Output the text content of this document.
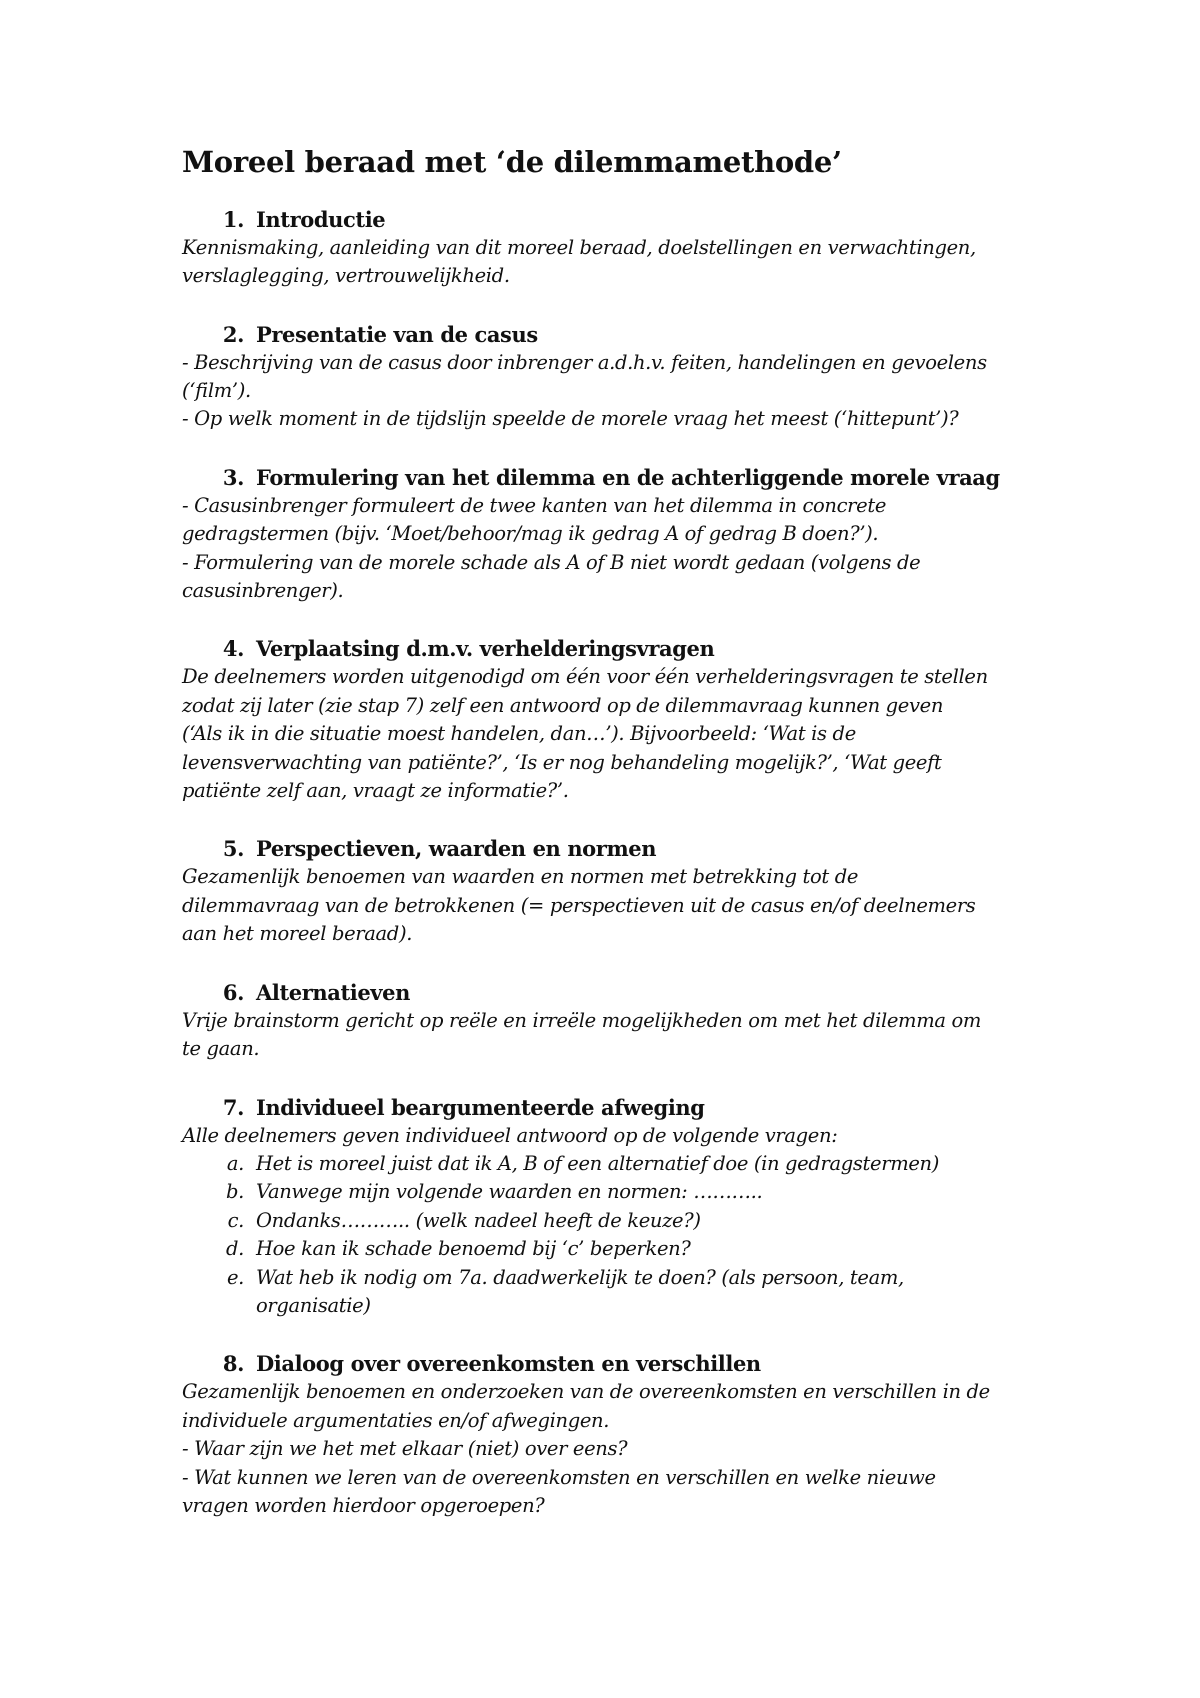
Moreel beraad met ‘de dilemmamethode’
1. Introductie

Kennismaking, aanleiding van dit moreel beraad, doelstellingen en verwachtingen,
verslaglegging, vertrouwelijkheid.

2. Presentatie van de casus

- Beschrijving van de casus door inbrenger a.d.h.v. feiten, handelingen en gevoelens
(‘film’).
- Op welk moment in de tijdslijn speelde de morele vraag het meest (‘hittepunt’)?

3. Formulering van het dilemma en de achterliggende morele vraag

- Casusinbrenger formuleert de twee kanten van het dilemma in concrete
gedragstermen (bijv. ‘Moet/behoor/mag ik gedrag A of gedrag B doen?’).
- Formulering van de morele schade als A of B niet wordt gedaan (volgens de
casusinbrenger).

4. Verplaatsing d.m.v. verhelderingsvragen

De deelnemers worden uitgenodigd om één voor één verhelderingsvragen te stellen
zodat zij later (zie stap 7) zelf een antwoord op de dilemmavraag kunnen geven
(‘Als ik in die situatie moest handelen, dan…’). Bijvoorbeeld: ‘Wat is de
levensverwachting van patiënte?’, ‘Is er nog behandeling mogelijk?’, ‘Wat geeft
patiënte zelf aan, vraagt ze informatie?’.

5. Perspectieven, waarden en normen

Gezamenlijk benoemen van waarden en normen met betrekking tot de
dilemmavraag van de betrokkenen (= perspectieven uit de casus en/of deelnemers
aan het moreel beraad).

6. Alternatieven

Vrije brainstorm gericht op reële en irreële mogelijkheden om met het dilemma om
te gaan.

7. Individueel beargumenteerde afweging

Alle deelnemers geven individueel antwoord op de volgende vragen:

a. Het is moreel juist dat ik A, B of een alternatief doe (in gedragstermen)
b. Vanwege mijn volgende waarden en normen: ………..
c. Ondanks……….. (welk nadeel heeft de keuze?)
d. Hoe kan ik schade benoemd bij ‘c’ beperken?
e. Wat heb ik nodig om 7a. daadwerkelijk te doen? (als persoon, team,
organisatie)
8. Dialoog over overeenkomsten en verschillen

Gezamenlijk benoemen en onderzoeken van de overeenkomsten en verschillen in de
individuele argumentaties en/of afwegingen.
- Waar zijn we het met elkaar (niet) over eens?
- Wat kunnen we leren van de overeenkomsten en verschillen en welke nieuwe
vragen worden hierdoor opgeroepen?
